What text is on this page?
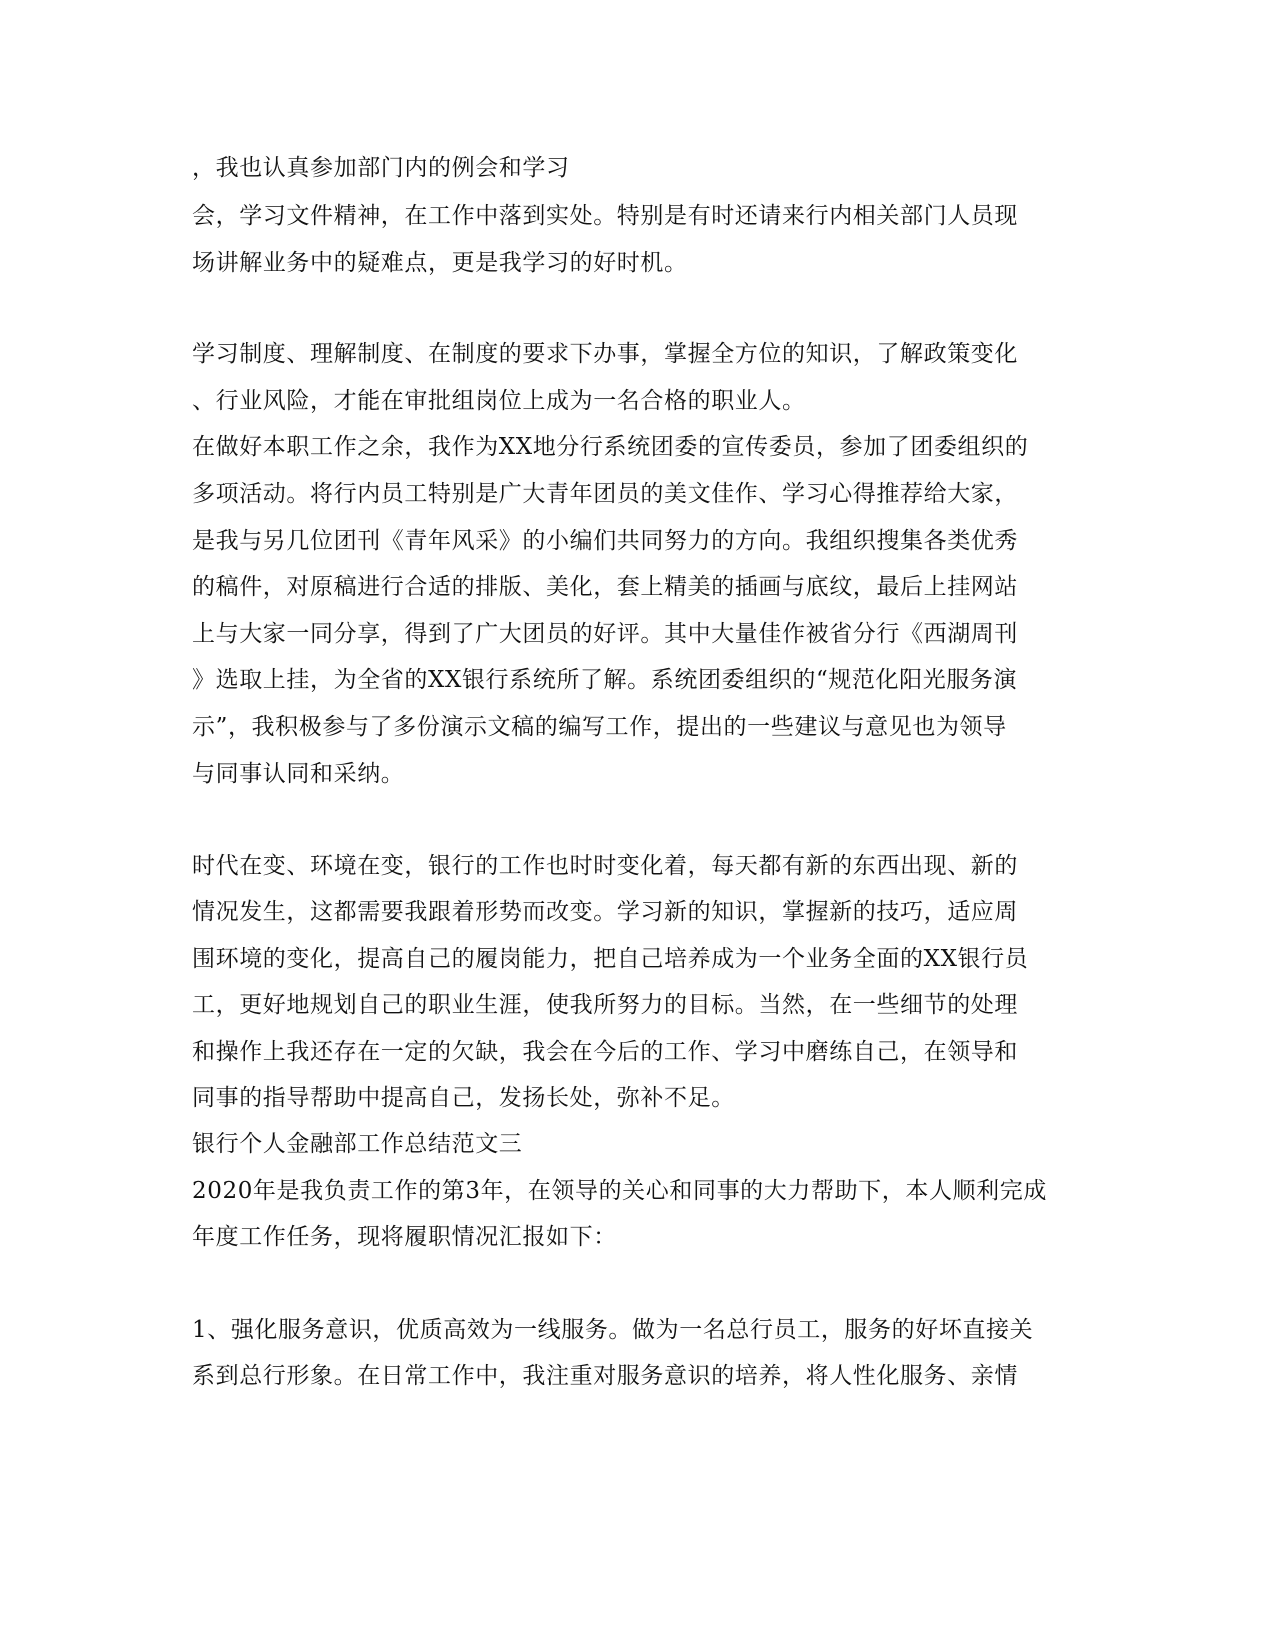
，我也认真参加部门内的例会和学习
会，学习文件精神，在工作中落到实处。特别是有时还请来行内相关部门人员现
场讲解业务中的疑难点，更是我学习的好时机。
学习制度、理解制度、在制度的要求下办事，掌握全方位的知识，了解政策变化
、行业风险，才能在审批组岗位上成为一名合格的职业人。
在做好本职工作之余，我作为XX地分行系统团委的宣传委员，参加了团委组织的
多项活动。将行内员工特别是广大青年团员的美文佳作、学习心得推荐给大家，
是我与另几位团刊《青年风采》的小编们共同努力的方向。我组织搜集各类优秀
的稿件，对原稿进行合适的排版、美化，套上精美的插画与底纹，最后上挂网站
上与大家一同分享，得到了广大团员的好评。其中大量佳作被省分行《西湖周刊
》选取上挂，为全省的XX银行系统所了解。系统团委组织的“规范化阳光服务演
示”，我积极参与了多份演示文稿的编写工作，提出的一些建议与意见也为领导
与同事认同和采纳。
时代在变、环境在变，银行的工作也时时变化着，每天都有新的东西出现、新的
情况发生，这都需要我跟着形势而改变。学习新的知识，掌握新的技巧，适应周
围环境的变化，提高自己的履岗能力，把自己培养成为一个业务全面的XX银行员
工，更好地规划自己的职业生涯，使我所努力的目标。当然，在一些细节的处理
和操作上我还存在一定的欠缺，我会在今后的工作、学习中磨练自己，在领导和
同事的指导帮助中提高自己，发扬长处，弥补不足。
银行个人金融部工作总结范文三
2020年是我负责工作的第3年，在领导的关心和同事的大力帮助下，本人顺利完成
年度工作任务，现将履职情况汇报如下：
1、强化服务意识，优质高效为一线服务。做为一名总行员工，服务的好坏直接关
系到总行形象。在日常工作中，我注重对服务意识的培养，将人性化服务、亲情
